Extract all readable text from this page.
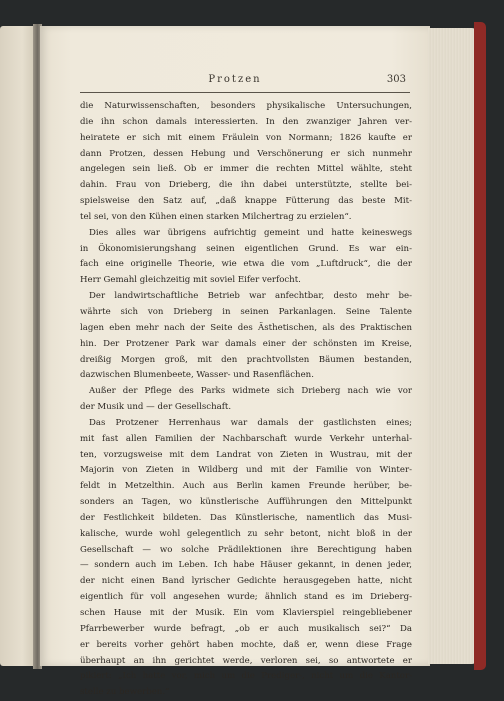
Protzen	303
die Naturwissenschaften, besonders physikalische Untersuchungen,
die ihn schon damals interessierten. In den zwanziger Jahren ver-
heiratete er sich mit einem Fräulein von Normann; 1826 kaufte er
dann Protzen, dessen Hebung und Verschönerung er sich nunmehr
angelegen sein ließ. Ob er immer die rechten Mittel wählte, steht
dahin. Frau von Drieberg, die ihn dabei unterstützte, stellte bei-
spielsweise den Satz auf, „daß knappe Fütterung das beste Mit-
tel sei, von den Kühen einen starken Milchertrag zu erzielen“.
Dies alles war übrigens aufrichtig gemeint und hatte keineswegs
in Ökonomisierungshang seinen eigentlichen Grund. Es war ein-
fach eine originelle Theorie, wie etwa die vom „Luftdruck“, die der
Herr Gemahl gleichzeitig mit soviel Eifer verfocht.
Der landwirtschaftliche Betrieb war anfechtbar, desto mehr be-
währte sich von Drieberg in seinen Parkanlagen. Seine Talente
lagen eben mehr nach der Seite des Ästhetischen, als des Praktischen
hin. Der Protzener Park war damals einer der schönsten im Kreise,
dreißig Morgen groß, mit den prachtvollsten Bäumen bestanden,
dazwischen Blumenbeete, Wasser- und Rasenflächen.
Außer der Pflege des Parks widmete sich Drieberg nach wie vor
der Musik und — der Gesellschaft.
Das Protzener Herrenhaus war damals der gastlichsten eines;
mit fast allen Familien der Nachbarschaft wurde Verkehr unterhal-
ten, vorzugsweise mit dem Landrat von Zieten in Wustrau, mit der
Majorin von Zieten in Wildberg und mit der Familie von Winter-
feldt in Metzelthin. Auch aus Berlin kamen Freunde herüber, be-
sonders an Tagen, wo künstlerische Aufführungen den Mittelpunkt
der Festlichkeit bildeten. Das Künstlerische, namentlich das Musi-
kalische, wurde wohl gelegentlich zu sehr betont, nicht bloß in der
Gesellschaft — wo solche Prädilektionen ihre Berechtigung haben
— sondern auch im Leben. Ich habe Häuser gekannt, in denen jeder,
der nicht einen Band lyrischer Gedichte herausgegeben hatte, nicht
eigentlich für voll angesehen wurde; ähnlich stand es im Drieberg-
schen Hause mit der Musik. Ein vom Klavierspiel reingebliebener
Pfarrbewerber wurde befragt, „ob er auch musikalisch sei?“ Da
er bereits vorher gehört haben mochte, daß er, wenn diese Frage
überhaupt an ihn gerichtet werde, verloren sei, so antwortete er
pikiert: „Ich hatte vor, mich um die Prediger-, nicht um die Kantor-
stelle zu bewerben.“
